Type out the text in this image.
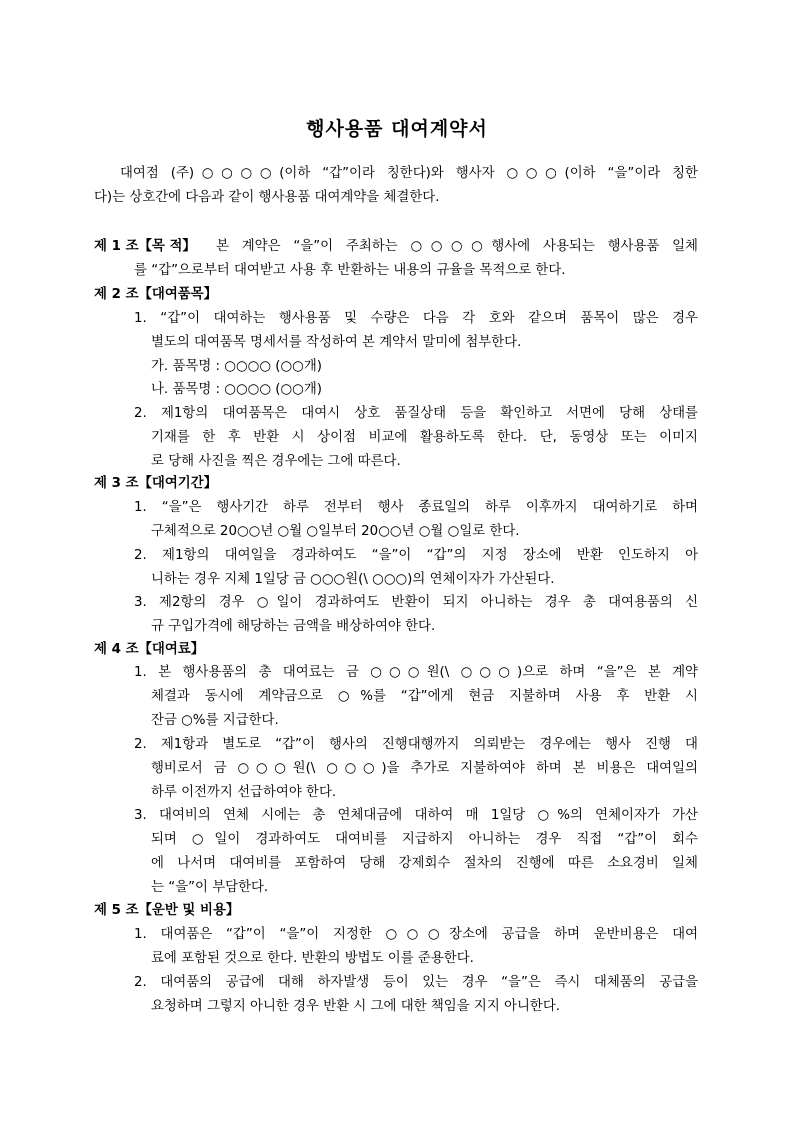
행사용품 대여계약서
대여점 (주)○○○○(이하 “갑”이라 칭한다)와 행사자 ○○○(이하 “을”이라 칭한
다)는 상호간에 다음과 같이 행사용품 대여계약을 체결한다.
제 1 조【목 적】 본 계약은 “을”이 주최하는 ○○○○행사에 사용되는 행사용품 일체
를 “갑”으로부터 대여받고 사용 후 반환하는 내용의 규율을 목적으로 한다.
제 2 조【대여품목】
1. “갑”이 대여하는 행사용품 및 수량은 다음 각 호와 같으며 품목이 많은 경우
별도의 대여품목 명세서를 작성하여 본 계약서 말미에 첨부한다.
가. 품목명 : ○○○○ (○○개)
나. 품목명 : ○○○○ (○○개)
2. 제1항의 대여품목은 대여시 상호 품질상태 등을 확인하고 서면에 당해 상태를
기재를 한 후 반환 시 상이점 비교에 활용하도록 한다. 단, 동영상 또는 이미지
로 당해 사진을 찍은 경우에는 그에 따른다.
제 3 조【대여기간】
1. “을”은 행사기간 하루 전부터 행사 종료일의 하루 이후까지 대여하기로 하며
구체적으로 20○○년 ○월 ○일부터 20○○년 ○월 ○일로 한다.
2. 제1항의 대여일을 경과하여도 “을”이 “갑”의 지정 장소에 반환 인도하지 아
니하는 경우 지체 1일당 금 ○○○원(\ ○○○)의 연체이자가 가산된다.
3. 제2항의 경우 ○일이 경과하여도 반환이 되지 아니하는 경우 총 대여용품의 신
규 구입가격에 해당하는 금액을 배상하여야 한다.
제 4 조【대여료】
1. 본 행사용품의 총 대여료는 금 ○○○원(\ ○○○)으로 하며 “을”은 본 계약
체결과 동시에 계약금으로 ○%를 “갑”에게 현금 지불하며 사용 후 반환 시
잔금 ○%를 지급한다.
2. 제1항과 별도로 “갑”이 행사의 진행대행까지 의뢰받는 경우에는 행사 진행 대
행비로서 금 ○○○원(\ ○○○)을 추가로 지불하여야 하며 본 비용은 대여일의
하루 이전까지 선급하여야 한다.
3. 대여비의 연체 시에는 총 연체대금에 대하여 매 1일당 ○%의 연체이자가 가산
되며 ○일이 경과하여도 대여비를 지급하지 아니하는 경우 직접 “갑”이 회수
에 나서며 대여비를 포함하여 당해 강제회수 절차의 진행에 따른 소요경비 일체
는 “을”이 부담한다.
제 5 조【운반 및 비용】
1. 대여품은 “갑”이 “을”이 지정한 ○○○장소에 공급을 하며 운반비용은 대여
료에 포함된 것으로 한다. 반환의 방법도 이를 준용한다.
2. 대여품의 공급에 대해 하자발생 등이 있는 경우 “을”은 즉시 대체품의 공급을
요청하며 그렇지 아니한 경우 반환 시 그에 대한 책임을 지지 아니한다.
